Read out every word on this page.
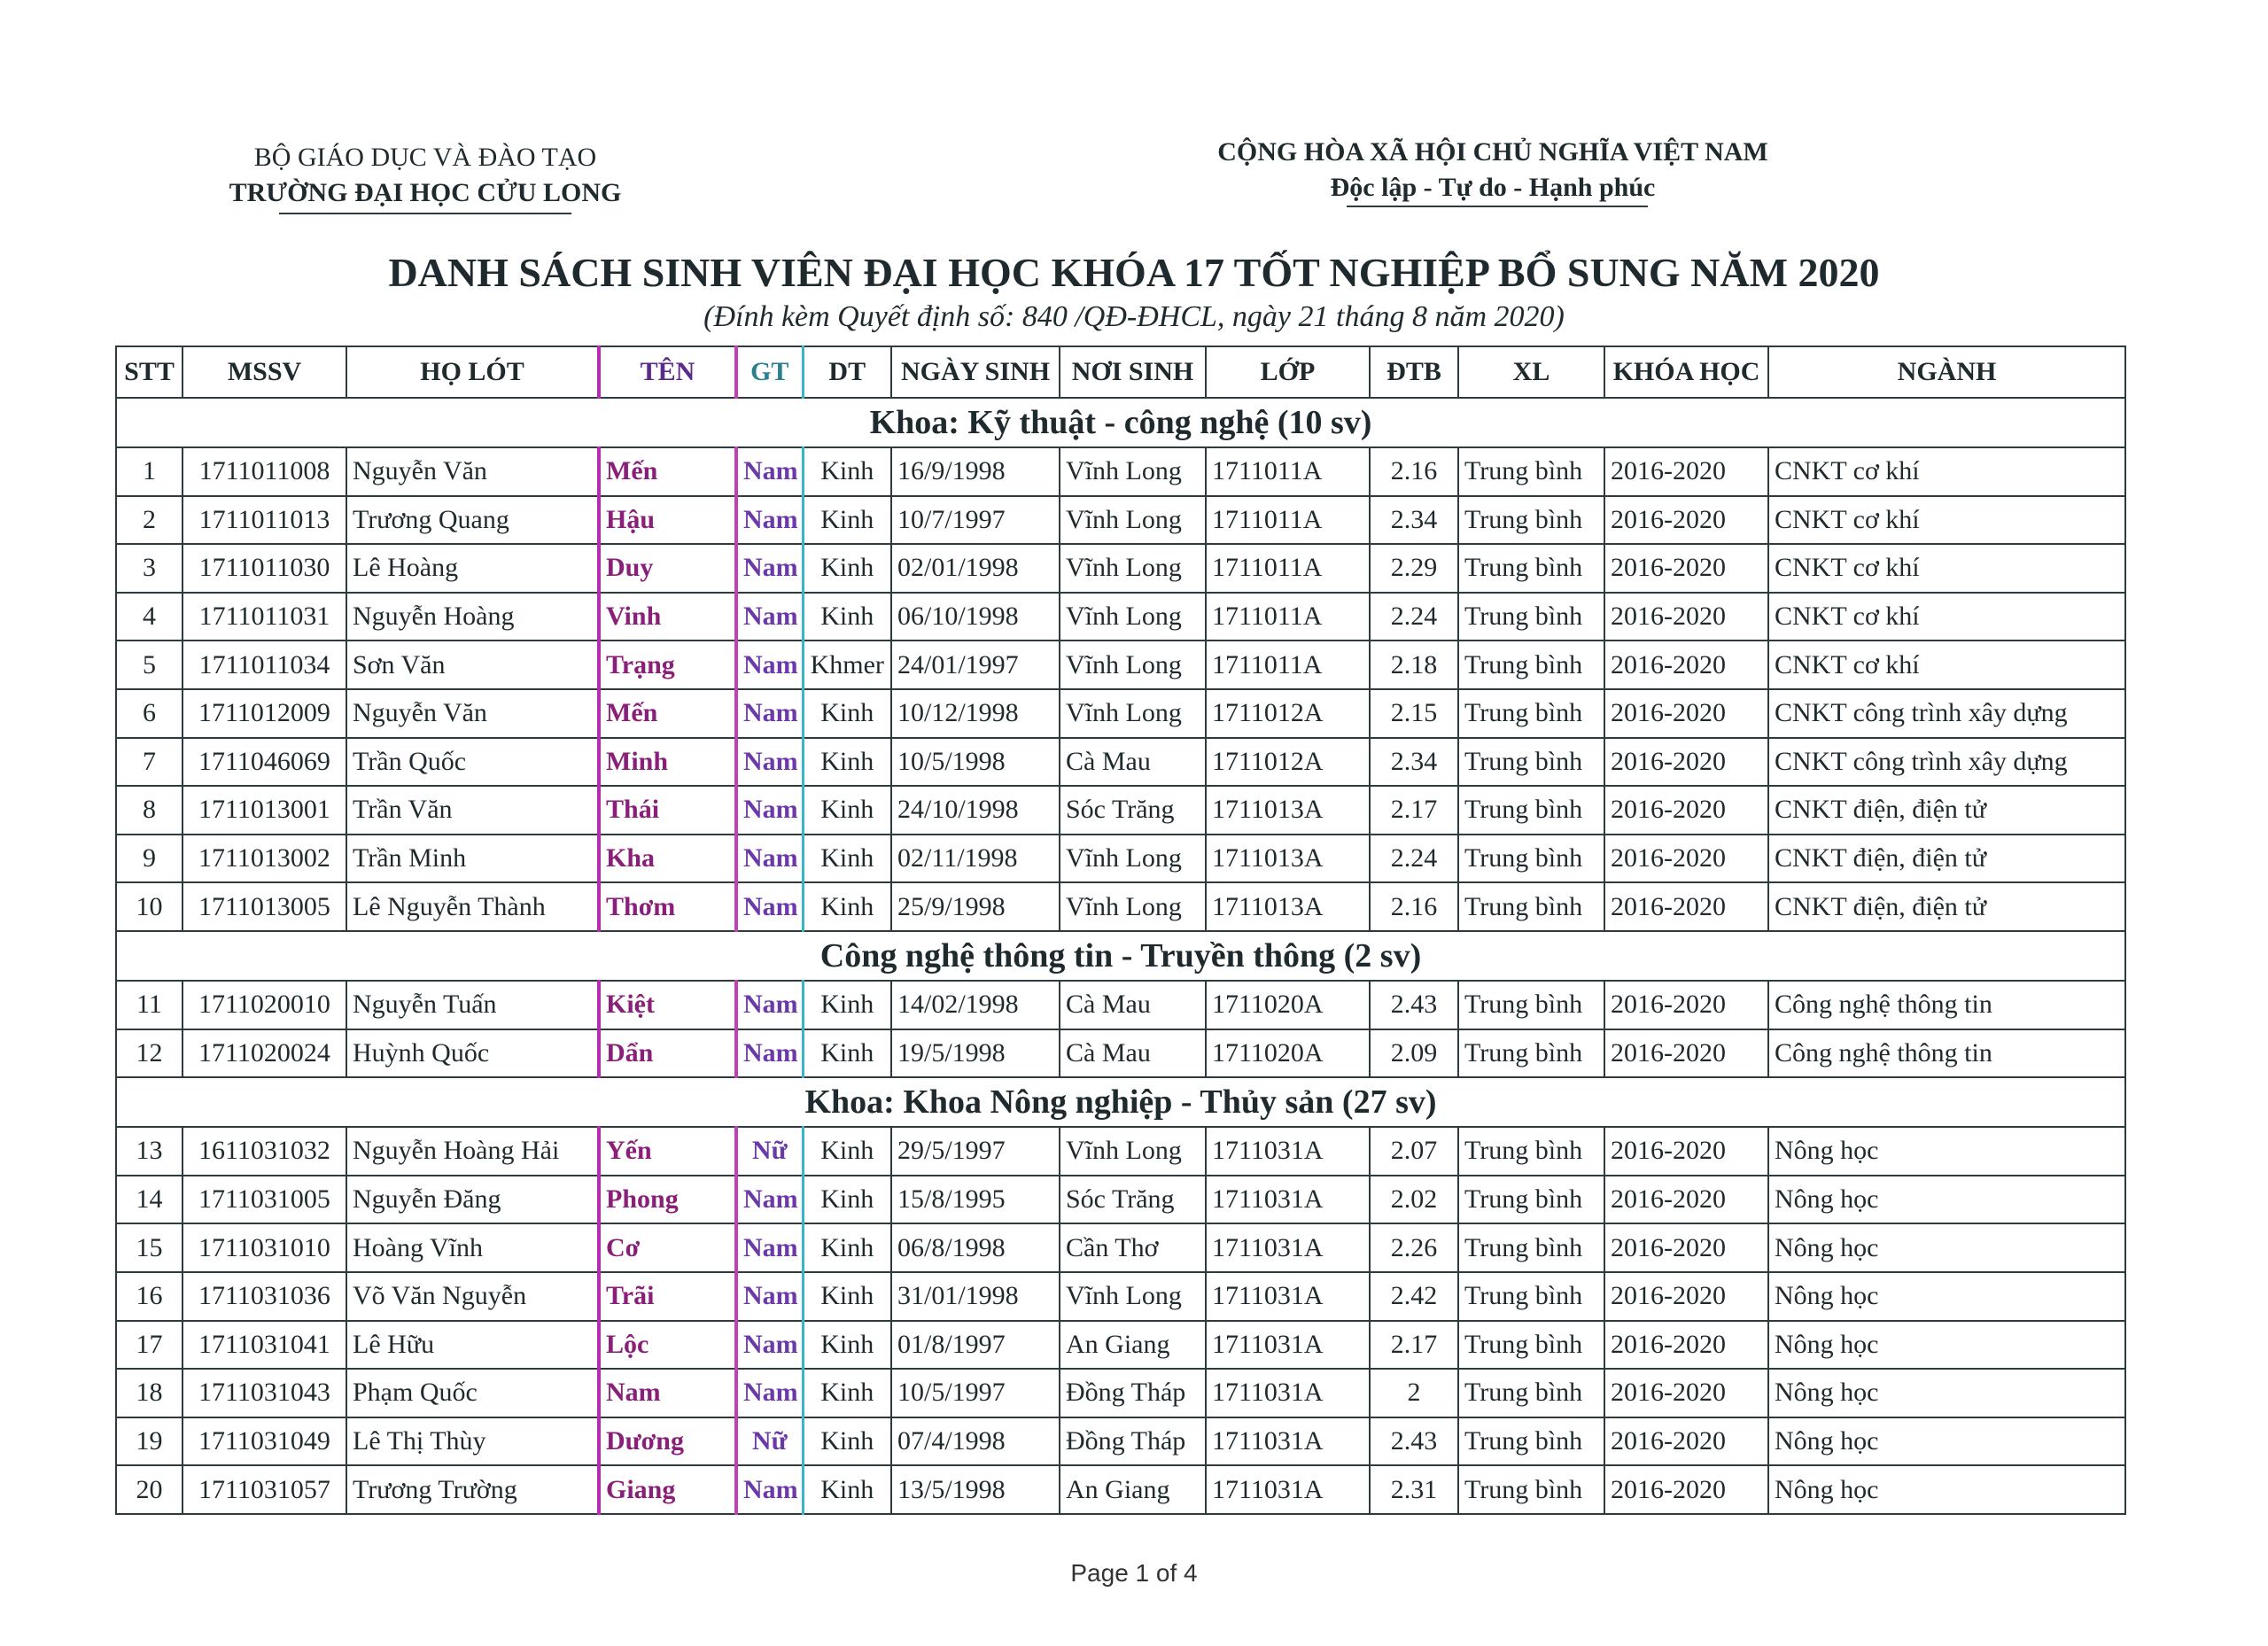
BỘ GIÁO DỤC VÀ ĐÀO TẠO
TRƯỜNG ĐẠI HỌC CỬU LONG
CỘNG HÒA XÃ HỘI CHỦ NGHĨA VIỆT NAM
Độc lập - Tự do - Hạnh phúc
DANH SÁCH SINH VIÊN ĐẠI HỌC KHÓA 17 TỐT NGHIỆP BỔ SUNG NĂM 2020
(Đính kèm Quyết định số: 840 /QĐ-ĐHCL, ngày 21 tháng 8 năm 2020)
STT	MSSV	HỌ LÓT	TÊN	GT	DT	NGÀY SINH	NƠI SINH	LỚP	ĐTB	XL	KHÓA HỌC	NGÀNH
Khoa: Kỹ thuật - công nghệ (10 sv)												
1	1711011008	Nguyễn Văn	Mến	Nam	Kinh	16/9/1998	Vĩnh Long	1711011A	2.16	Trung bình	2016-2020	CNKT cơ khí
2	1711011013	Trương Quang	Hậu	Nam	Kinh	10/7/1997	Vĩnh Long	1711011A	2.34	Trung bình	2016-2020	CNKT cơ khí
3	1711011030	Lê Hoàng	Duy	Nam	Kinh	02/01/1998	Vĩnh Long	1711011A	2.29	Trung bình	2016-2020	CNKT cơ khí
4	1711011031	Nguyễn Hoàng	Vinh	Nam	Kinh	06/10/1998	Vĩnh Long	1711011A	2.24	Trung bình	2016-2020	CNKT cơ khí
5	1711011034	Sơn Văn	Trạng	Nam	Khmer	24/01/1997	Vĩnh Long	1711011A	2.18	Trung bình	2016-2020	CNKT cơ khí
6	1711012009	Nguyễn Văn	Mến	Nam	Kinh	10/12/1998	Vĩnh Long	1711012A	2.15	Trung bình	2016-2020	CNKT công trình xây dựng
7	1711046069	Trần Quốc	Minh	Nam	Kinh	10/5/1998	Cà Mau	1711012A	2.34	Trung bình	2016-2020	CNKT công trình xây dựng
8	1711013001	Trần Văn	Thái	Nam	Kinh	24/10/1998	Sóc Trăng	1711013A	2.17	Trung bình	2016-2020	CNKT điện, điện tử
9	1711013002	Trần Minh	Kha	Nam	Kinh	02/11/1998	Vĩnh Long	1711013A	2.24	Trung bình	2016-2020	CNKT điện, điện tử
10	1711013005	Lê Nguyễn Thành	Thơm	Nam	Kinh	25/9/1998	Vĩnh Long	1711013A	2.16	Trung bình	2016-2020	CNKT điện, điện tử
Công nghệ thông tin - Truyền thông (2 sv)												
11	1711020010	Nguyễn Tuấn	Kiệt	Nam	Kinh	14/02/1998	Cà Mau	1711020A	2.43	Trung bình	2016-2020	Công nghệ thông tin
12	1711020024	Huỳnh Quốc	Dẩn	Nam	Kinh	19/5/1998	Cà Mau	1711020A	2.09	Trung bình	2016-2020	Công nghệ thông tin
Khoa: Khoa Nông nghiệp - Thủy sản (27 sv)												
13	1611031032	Nguyễn Hoàng Hải	Yến	Nữ	Kinh	29/5/1997	Vĩnh Long	1711031A	2.07	Trung bình	2016-2020	Nông học
14	1711031005	Nguyễn Đăng	Phong	Nam	Kinh	15/8/1995	Sóc Trăng	1711031A	2.02	Trung bình	2016-2020	Nông học
15	1711031010	Hoàng Vĩnh	Cơ	Nam	Kinh	06/8/1998	Cần Thơ	1711031A	2.26	Trung bình	2016-2020	Nông học
16	1711031036	Võ Văn Nguyễn	Trãi	Nam	Kinh	31/01/1998	Vĩnh Long	1711031A	2.42	Trung bình	2016-2020	Nông học
17	1711031041	Lê Hữu	Lộc	Nam	Kinh	01/8/1997	An Giang	1711031A	2.17	Trung bình	2016-2020	Nông học
18	1711031043	Phạm Quốc	Nam	Nam	Kinh	10/5/1997	Đồng Tháp	1711031A	2	Trung bình	2016-2020	Nông học
19	1711031049	Lê Thị Thùy	Dương	Nữ	Kinh	07/4/1998	Đồng Tháp	1711031A	2.43	Trung bình	2016-2020	Nông học
20	1711031057	Trương Trường	Giang	Nam	Kinh	13/5/1998	An Giang	1711031A	2.31	Trung bình	2016-2020	Nông học
Page 1 of 4
